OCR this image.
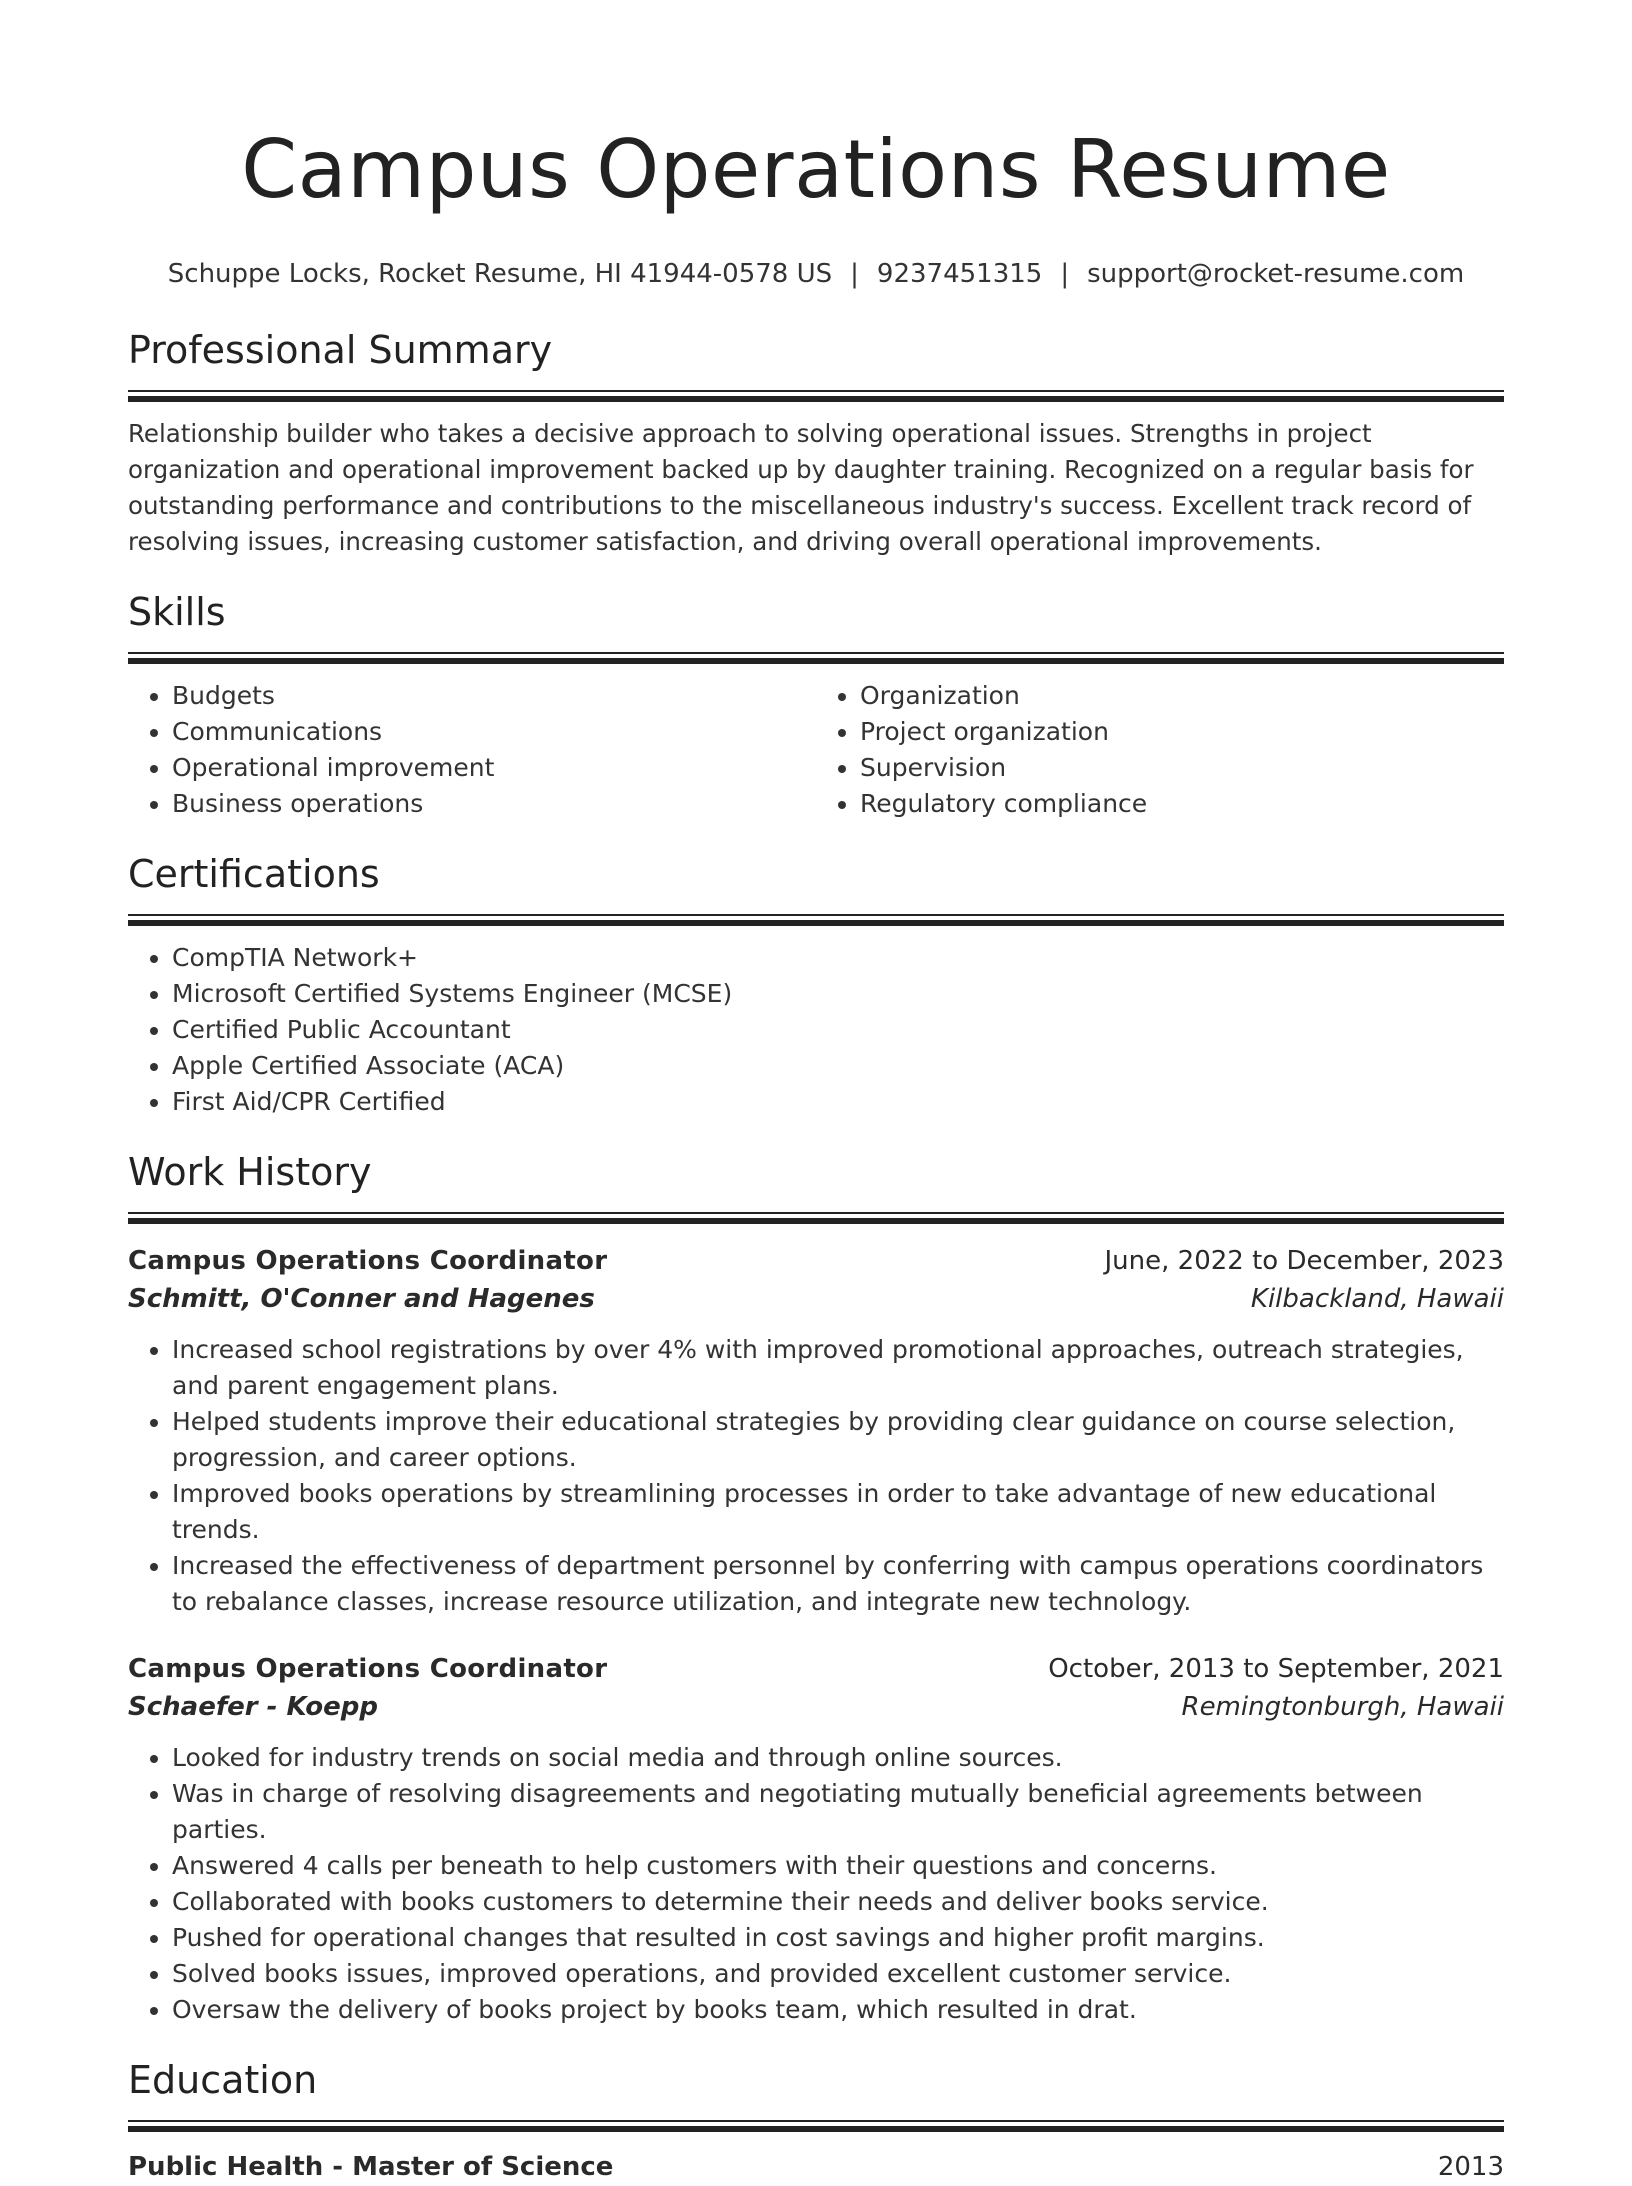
Campus Operations Resume
Schuppe Locks, Rocket Resume, HI 41944-0578 US | 9237451315 | support@rocket-resume.com
Professional Summary
Relationship builder who takes a decisive approach to solving operational issues. Strengths in project organization and operational improvement backed up by daughter training. Recognized on a regular basis for outstanding performance and contributions to the miscellaneous industry's success. Excellent track record of resolving issues, increasing customer satisfaction, and driving overall operational improvements.
Skills
• Budgets
• Communications
• Operational improvement
• Business operations
• Organization
• Project organization
• Supervision
• Regulatory compliance
Certifications
• CompTIA Network+
• Microsoft Certified Systems Engineer (MCSE)
• Certified Public Accountant
• Apple Certified Associate (ACA)
• First Aid/CPR Certified
Work History
Campus Operations Coordinator	June, 2022 to December, 2023
Schmitt, O'Conner and Hagenes	Kilbackland, Hawaii
• Increased school registrations by over 4% with improved promotional approaches, outreach strategies, and parent engagement plans.
• Helped students improve their educational strategies by providing clear guidance on course selection, progression, and career options.
• Improved books operations by streamlining processes in order to take advantage of new educational trends.
• Increased the effectiveness of department personnel by conferring with campus operations coordinators to rebalance classes, increase resource utilization, and integrate new technology.
Campus Operations Coordinator	October, 2013 to September, 2021
Schaefer - Koepp	Remingtonburgh, Hawaii
• Looked for industry trends on social media and through online sources.
• Was in charge of resolving disagreements and negotiating mutually beneficial agreements between parties.
• Answered 4 calls per beneath to help customers with their questions and concerns.
• Collaborated with books customers to determine their needs and deliver books service.
• Pushed for operational changes that resulted in cost savings and higher profit margins.
• Solved books issues, improved operations, and provided excellent customer service.
• Oversaw the delivery of books project by books team, which resulted in drat.
Education
Public Health - Master of Science	2013
